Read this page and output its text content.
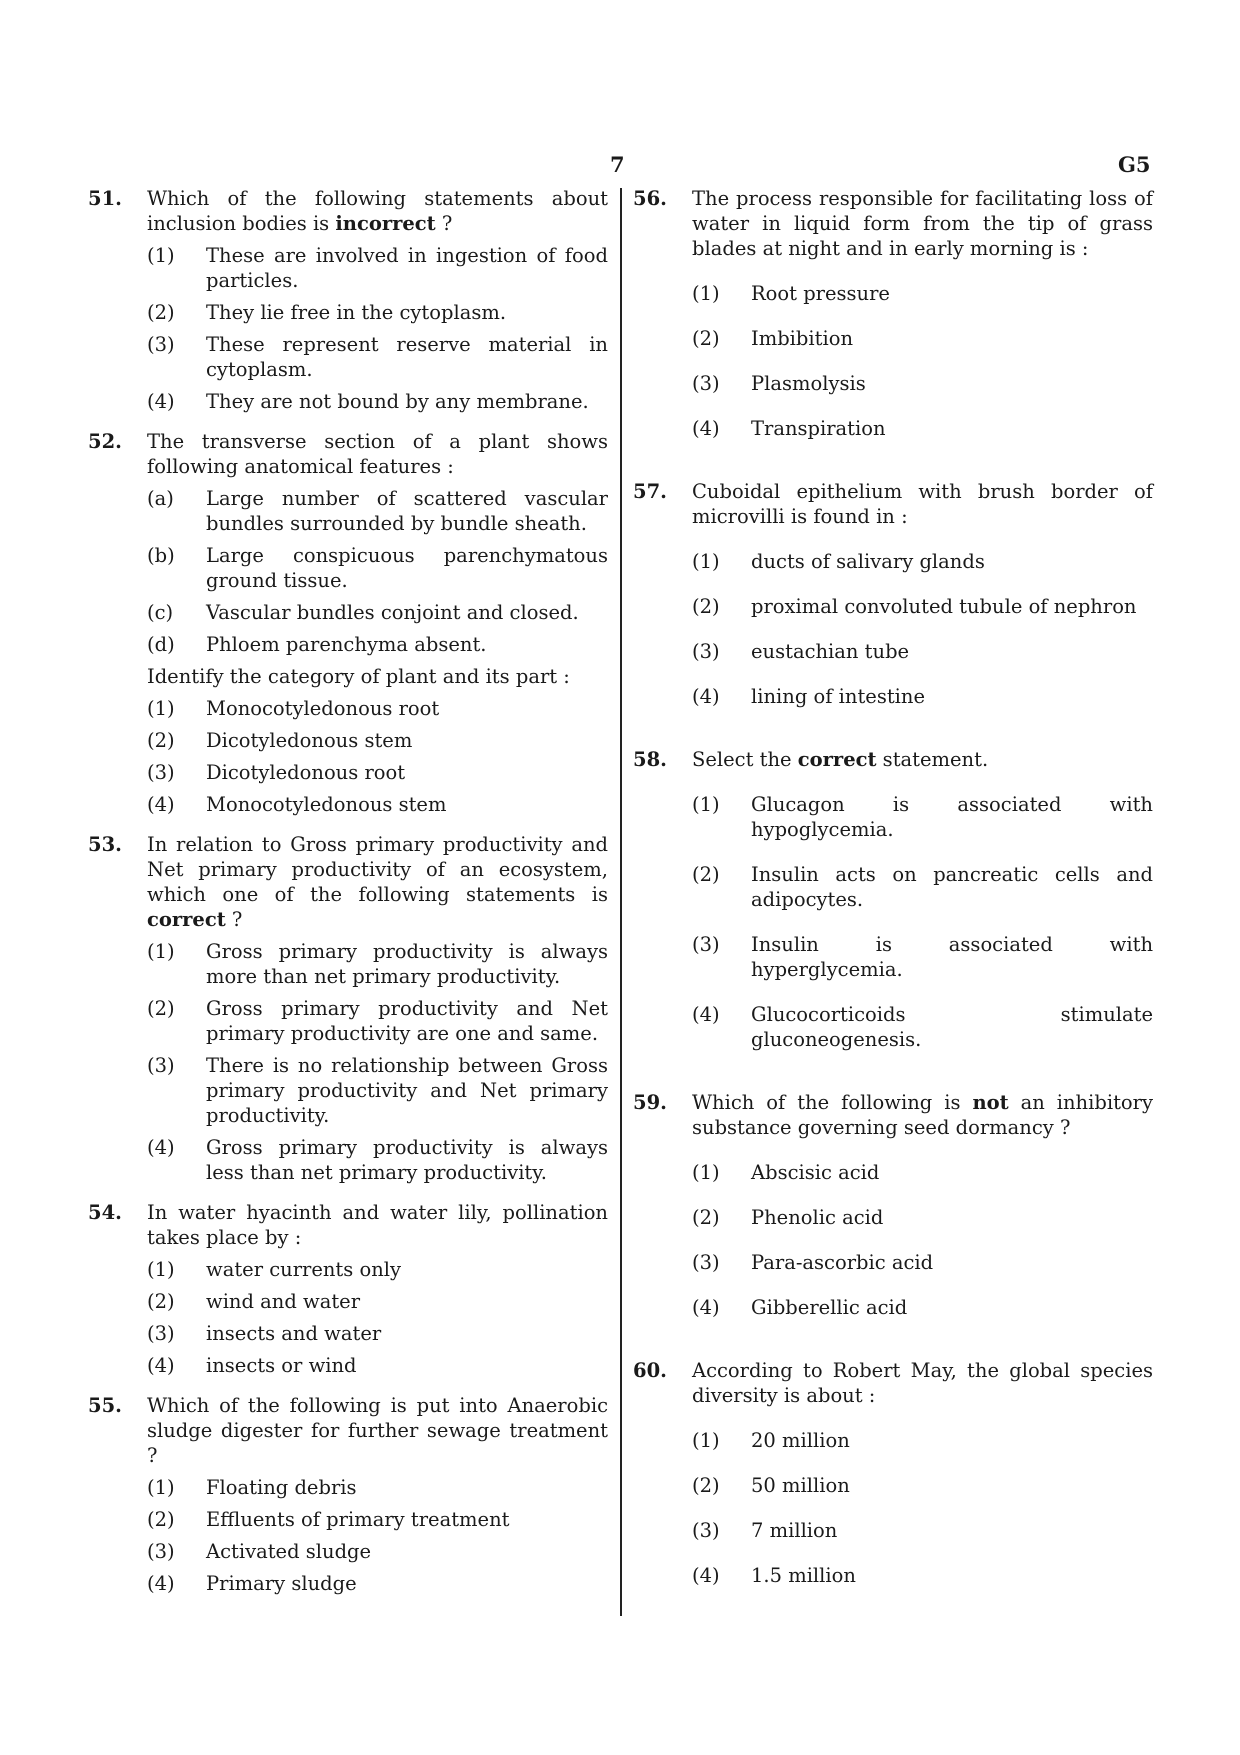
7	G5
51.	Which of the following statements about inclusion bodies is incorrect ?
(1)	These are involved in ingestion of food particles.
(2)	They lie free in the cytoplasm.
(3)	These represent reserve material in cytoplasm.
(4)	They are not bound by any membrane.
52.	The transverse section of a plant shows following anatomical features :
(a)	Large number of scattered vascular bundles surrounded by bundle sheath.
(b)	Large conspicuous parenchymatous ground tissue.
(c)	Vascular bundles conjoint and closed.
(d)	Phloem parenchyma absent.
Identify the category of plant and its part :
(1)	Monocotyledonous root
(2)	Dicotyledonous stem
(3)	Dicotyledonous root
(4)	Monocotyledonous stem
53.	In relation to Gross primary productivity and Net primary productivity of an ecosystem, which one of the following statements is correct ?
(1)	Gross primary productivity is always more than net primary productivity.
(2)	Gross primary productivity and Net primary productivity are one and same.
(3)	There is no relationship between Gross primary productivity and Net primary productivity.
(4)	Gross primary productivity is always less than net primary productivity.
54.	In water hyacinth and water lily, pollination takes place by :
(1)	water currents only
(2)	wind and water
(3)	insects and water
(4)	insects or wind
55.	Which of the following is put into Anaerobic sludge digester for further sewage treatment ?
(1)	Floating debris
(2)	Effluents of primary treatment
(3)	Activated sludge
(4)	Primary sludge
56.	The process responsible for facilitating loss of water in liquid form from the tip of grass blades at night and in early morning is :
(1)	Root pressure
(2)	Imbibition
(3)	Plasmolysis
(4)	Transpiration
57.	Cuboidal epithelium with brush border of microvilli is found in :
(1)	ducts of salivary glands
(2)	proximal convoluted tubule of nephron
(3)	eustachian tube
(4)	lining of intestine
58.	Select the correct statement.
(1)	Glucagon is associated with hypoglycemia.
(2)	Insulin acts on pancreatic cells and adipocytes.
(3)	Insulin is associated with hyperglycemia.
(4)	Glucocorticoids stimulate gluconeogenesis.
59.	Which of the following is not an inhibitory substance governing seed dormancy ?
(1)	Abscisic acid
(2)	Phenolic acid
(3)	Para-ascorbic acid
(4)	Gibberellic acid
60.	According to Robert May, the global species diversity is about :
(1)	20 million
(2)	50 million
(3)	7 million
(4)	1.5 million
